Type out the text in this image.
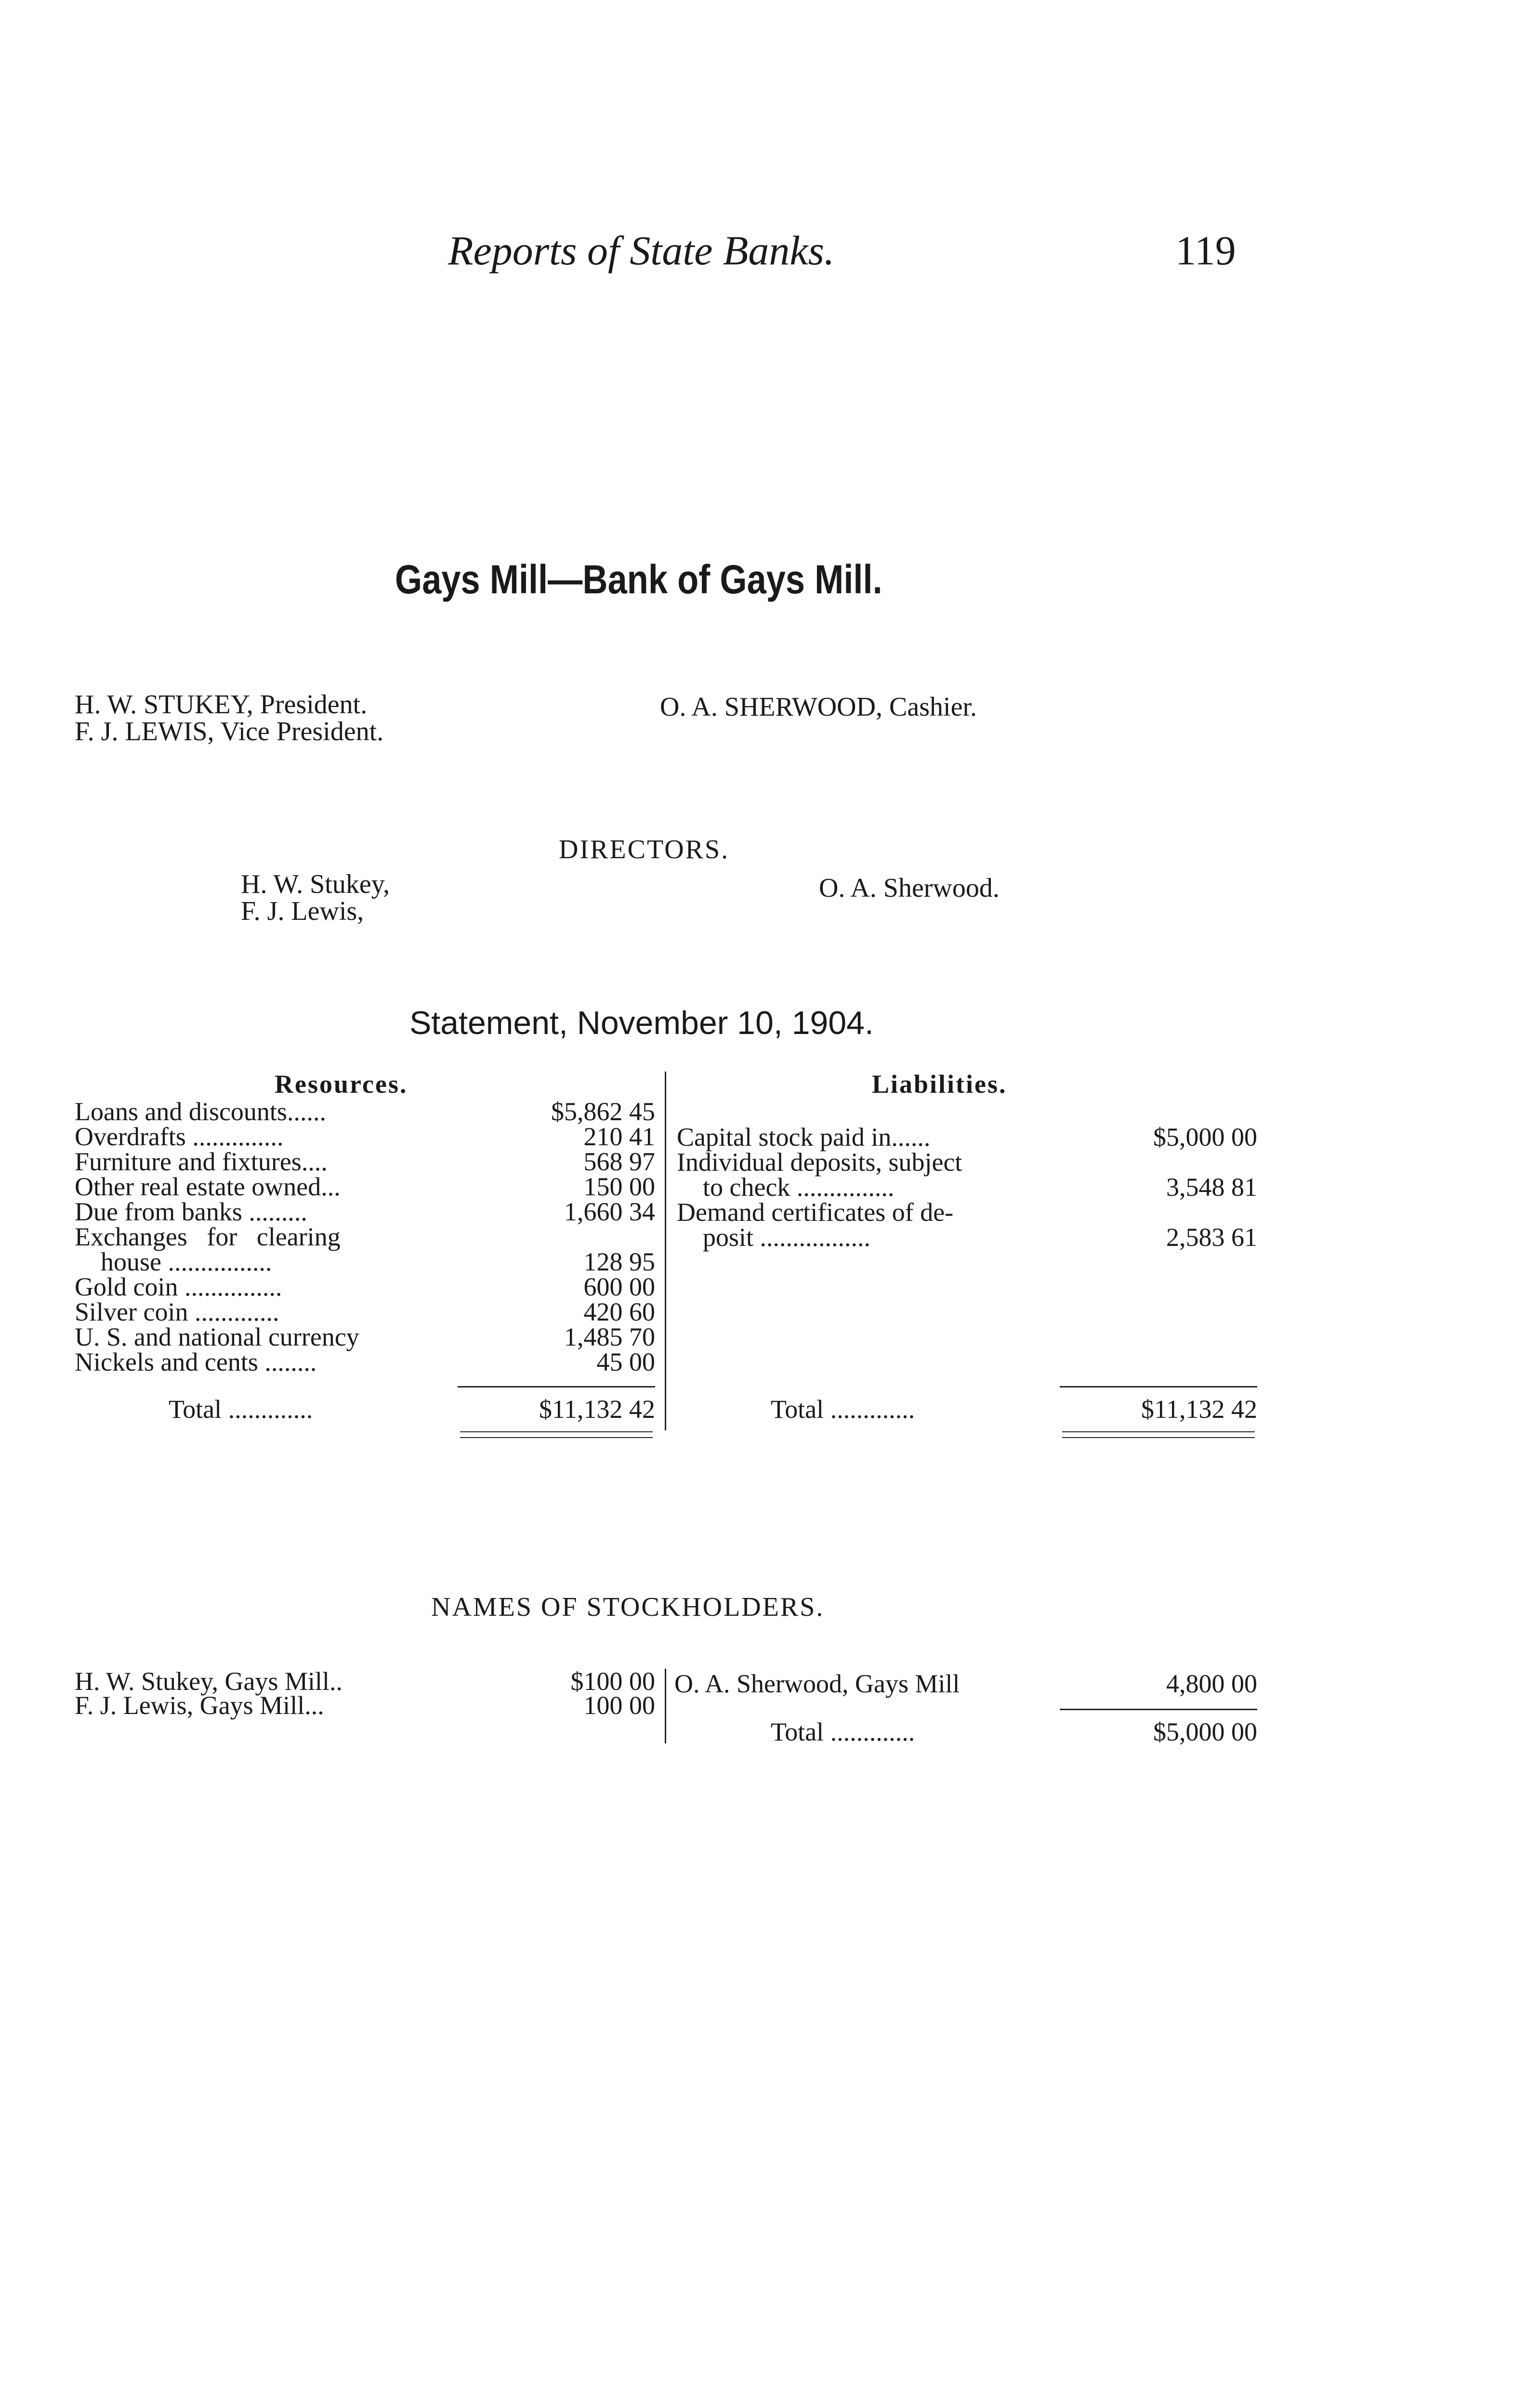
Reports of State Banks.	119
Gays Mill—Bank of Gays Mill.
H. W. STUKEY, President.
F. J. LEWIS, Vice President.
O. A. SHERWOOD, Cashier.
DIRECTORS.
H. W. Stukey,
F. J. Lewis,
O. A. Sherwood.
Statement, November 10, 1904.
Resources.	Liabilities.
Loans and discounts......	$5,862 45
Overdrafts ..............	210 41
Furniture and fixtures....	568 97
Other real estate owned...	150 00
Due from banks .........	1,660 34
Exchanges   for   clearing
house ................	128 95
Gold coin ...............	600 00
Silver coin .............	420 60
U. S. and national currency	1,485 70
Nickels and cents ........	45 00
Total .............	$11,132 42
Capital stock paid in......	$5,000 00
Individual deposits, subject
to check ...............	3,548 81
Demand certificates of de-
posit .................	2,583 61
Total .............	$11,132 42
NAMES OF STOCKHOLDERS.
H. W. Stukey, Gays Mill..	$100 00
F. J. Lewis, Gays Mill...	100 00
O. A. Sherwood, Gays Mill	4,800 00
Total .............	$5,000 00
